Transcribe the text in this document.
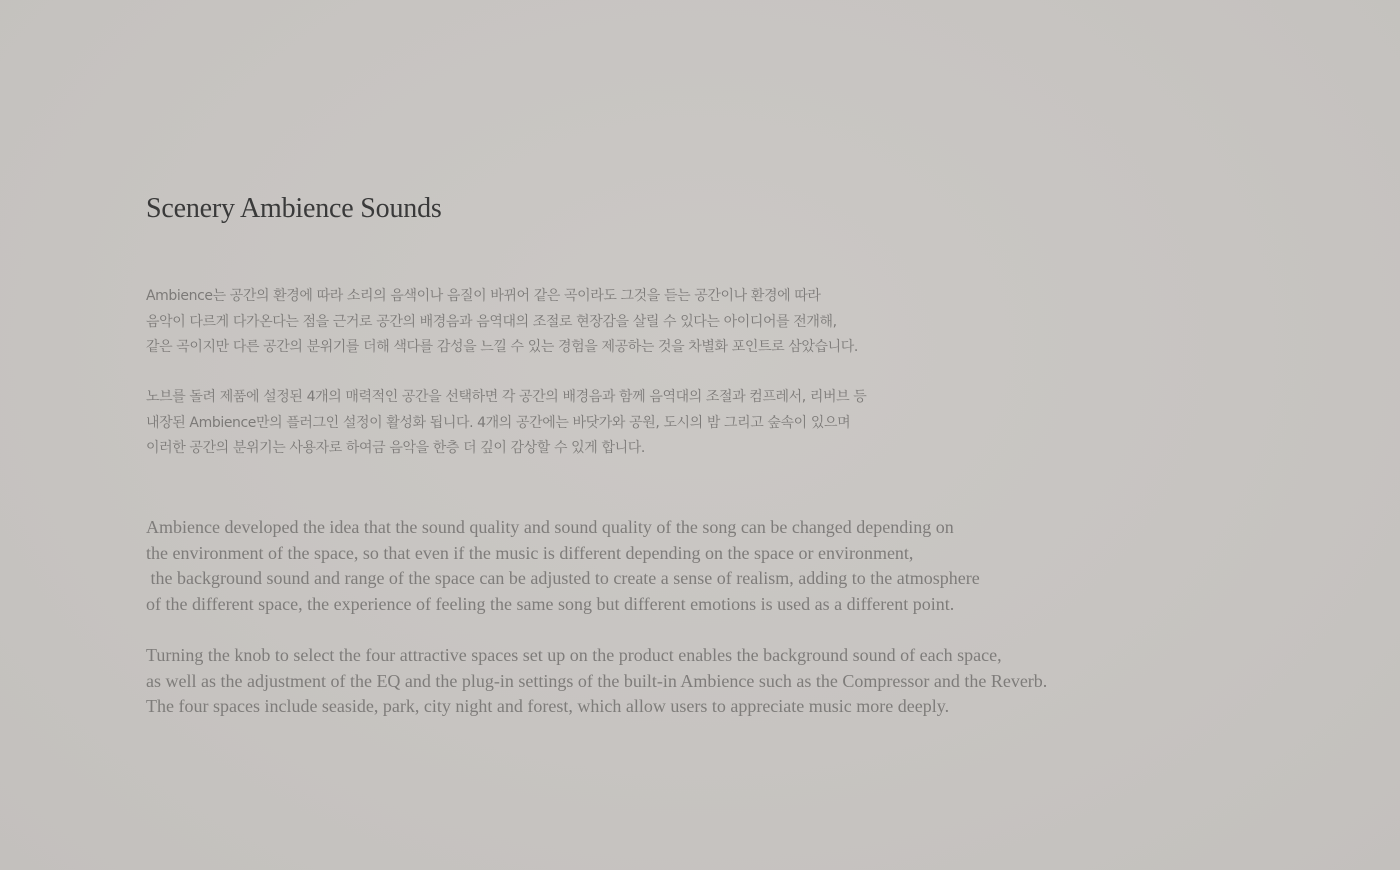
Scenery Ambience Sounds
Ambience는 공간의 환경에 따라 소리의 음색이나 음질이 바뀌어 같은 곡이라도 그것을 듣는 공간이나 환경에 따라
음악이 다르게 다가온다는 점을 근거로 공간의 배경음과 음역대의 조절로 현장감을 살릴 수 있다는 아이디어를 전개해,
같은 곡이지만 다른 공간의 분위기를 더해 색다를 감성을 느낄 수 있는 경험을 제공하는 것을 차별화 포인트로 삼았습니다.
노브를 돌려 제품에 설정된 4개의 매력적인 공간을 선택하면 각 공간의 배경음과 함께 음역대의 조절과 컴프레서, 리버브 등
내장된 Ambience만의 플러그인 설정이 활성화 됩니다. 4개의 공간에는 바닷가와 공원, 도시의 밤 그리고 숲속이 있으며
이러한 공간의 분위기는 사용자로 하여금 음악을 한층 더 깊이 감상할 수 있게 합니다.
Ambience developed the idea that the sound quality and sound quality of the song can be changed depending on
the environment of the space, so that even if the music is different depending on the space or environment,
the background sound and range of the space can be adjusted to create a sense of realism, adding to the atmosphere
of the different space, the experience of feeling the same song but different emotions is used as a different point.
Turning the knob to select the four attractive spaces set up on the product enables the background sound of each space,
as well as the adjustment of the EQ and the plug-in settings of the built-in Ambience such as the Compressor and the Reverb.
The four spaces include seaside, park, city night and forest, which allow users to appreciate music more deeply.
